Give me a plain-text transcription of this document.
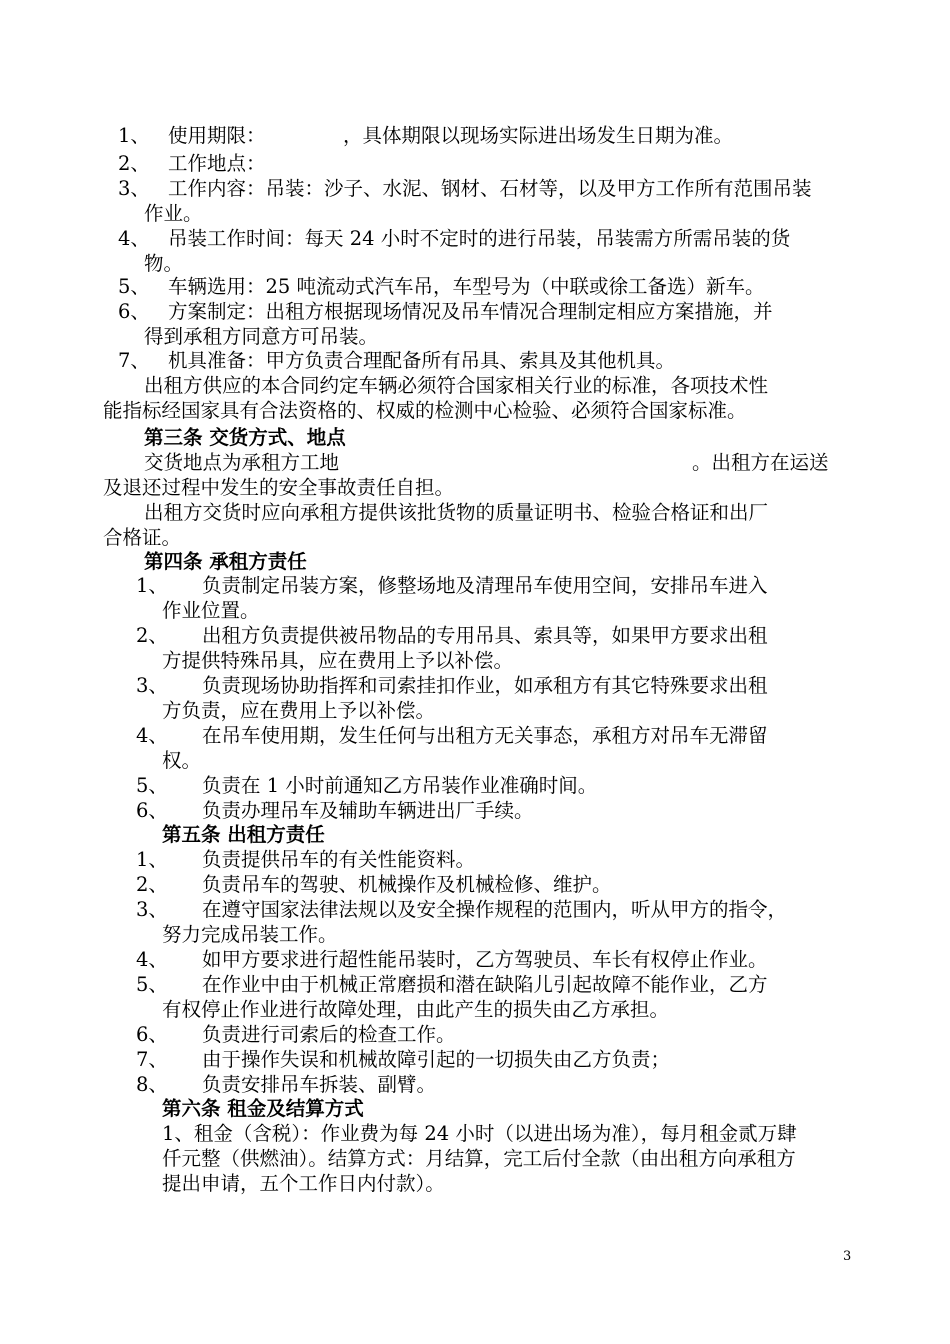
1、 使用期限：	，具体期限以现场实际进出场发生日期为准。
2、 工作地点：
3、 工作内容：吊装：沙子、水泥、钢材、石材等，以及甲方工作所有范围吊装
作业。
4、 吊装工作时间：每天 24 小时不定时的进行吊装，吊装需方所需吊装的货
物。
5、 车辆选用：25 吨流动式汽车吊，车型号为（中联或徐工备选）新车。
6、 方案制定：出租方根据现场情况及吊车情况合理制定相应方案措施，并
得到承租方同意方可吊装。
7、 机具准备：甲方负责合理配备所有吊具、索具及其他机具。
出租方供应的本合同约定车辆必须符合国家相关行业的标准，各项技术性
能指标经国家具有合法资格的、权威的检测中心检验、必须符合国家标准。
第三条 交货方式、地点
交货地点为承租方工地	。出租方在运送
及退还过程中发生的安全事故责任自担。
出租方交货时应向承租方提供该批货物的质量证明书、检验合格证和出厂
合格证。
第四条 承租方责任
1、 负责制定吊装方案，修整场地及清理吊车使用空间，安排吊车进入
作业位置。
2、 出租方负责提供被吊物品的专用吊具、索具等，如果甲方要求出租
方提供特殊吊具，应在费用上予以补偿。
3、 负责现场协助指挥和司索挂扣作业，如承租方有其它特殊要求出租
方负责，应在费用上予以补偿。
4、 在吊车使用期，发生任何与出租方无关事态，承租方对吊车无滞留
权。
5、 负责在 1 小时前通知乙方吊装作业准确时间。
6、 负责办理吊车及辅助车辆进出厂手续。
第五条 出租方责任
1、 负责提供吊车的有关性能资料。
2、 负责吊车的驾驶、机械操作及机械检修、维护。
3、 在遵守国家法律法规以及安全操作规程的范围内，听从甲方的指令，
努力完成吊装工作。
4、 如甲方要求进行超性能吊装时，乙方驾驶员、车长有权停止作业。
5、 在作业中由于机械正常磨损和潜在缺陷儿引起故障不能作业，乙方
有权停止作业进行故障处理，由此产生的损失由乙方承担。
6、 负责进行司索后的检查工作。
7、 由于操作失误和机械故障引起的一切损失由乙方负责；
8、 负责安排吊车拆装、副臂。
第六条 租金及结算方式
1、租金（含税）：作业费为每 24 小时（以进出场为准），每月租金贰万肆
仟元整（供燃油）。结算方式：月结算，完工后付全款（由出租方向承租方
提出申请，五个工作日内付款）。
3
